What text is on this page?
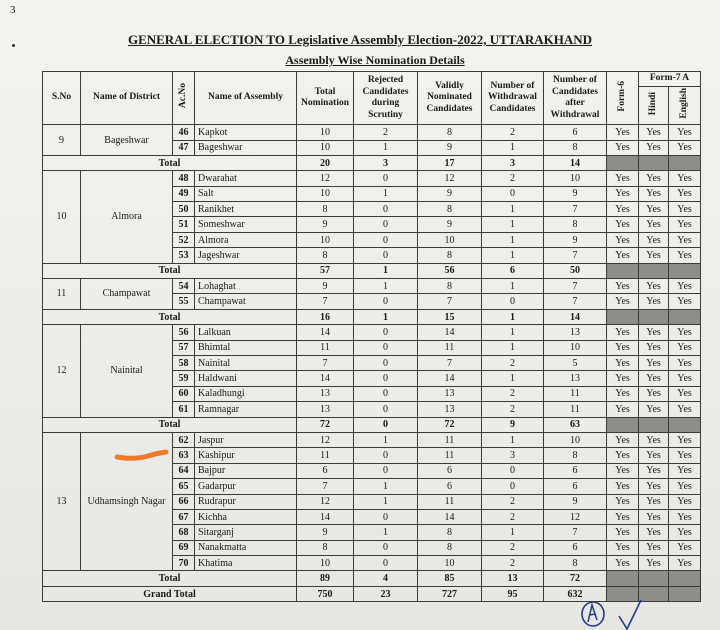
3
GENERAL ELECTION TO Legislative Assembly Election-2022, UTTARAKHAND
Assembly Wise Nomination Details
S.No	Name of District	Ac.No	Name of Assembly	Total Nomination	Rejected Candidates during Scrutiny	Validly Nominated Candidates	Number of Withdrawal Candidates	Number of Candidates after Withdrawal	Form-6	Form-7 A	
										Hindi	English
9	Bageshwar	46	Kapkot	10	2	8	2	6	Yes	Yes	Yes
		47	Bageshwar	10	1	9	1	8	Yes	Yes	Yes
Total				20	3	17	3	14			
10	Almora	48	Dwarahat	12	0	12	2	10	Yes	Yes	Yes
		49	Salt	10	1	9	0	9	Yes	Yes	Yes
		50	Ranikhet	8	0	8	1	7	Yes	Yes	Yes
		51	Someshwar	9	0	9	1	8	Yes	Yes	Yes
		52	Almora	10	0	10	1	9	Yes	Yes	Yes
		53	Jageshwar	8	0	8	1	7	Yes	Yes	Yes
Total				57	1	56	6	50			
11	Champawat	54	Lohaghat	9	1	8	1	7	Yes	Yes	Yes
		55	Champawat	7	0	7	0	7	Yes	Yes	Yes
Total				16	1	15	1	14			
12	Nainital	56	Lalkuan	14	0	14	1	13	Yes	Yes	Yes
		57	Bhimtal	11	0	11	1	10	Yes	Yes	Yes
		58	Nainital	7	0	7	2	5	Yes	Yes	Yes
		59	Haldwani	14	0	14	1	13	Yes	Yes	Yes
		60	Kaladhungi	13	0	13	2	11	Yes	Yes	Yes
		61	Ramnagar	13	0	13	2	11	Yes	Yes	Yes
Total				72	0	72	9	63			
13	Udhamsingh Nagar	62	Jaspur	12	1	11	1	10	Yes	Yes	Yes
		63	Kashipur	11	0	11	3	8	Yes	Yes	Yes
		64	Bajpur	6	0	6	0	6	Yes	Yes	Yes
		65	Gadarpur	7	1	6	0	6	Yes	Yes	Yes
		66	Rudrapur	12	1	11	2	9	Yes	Yes	Yes
		67	Kichha	14	0	14	2	12	Yes	Yes	Yes
		68	Sitarganj	9	1	8	1	7	Yes	Yes	Yes
		69	Nanakmatta	8	0	8	2	6	Yes	Yes	Yes
		70	Khatima	10	0	10	2	8	Yes	Yes	Yes
Total				89	4	85	13	72			
Grand Total				750	23	727	95	632			
